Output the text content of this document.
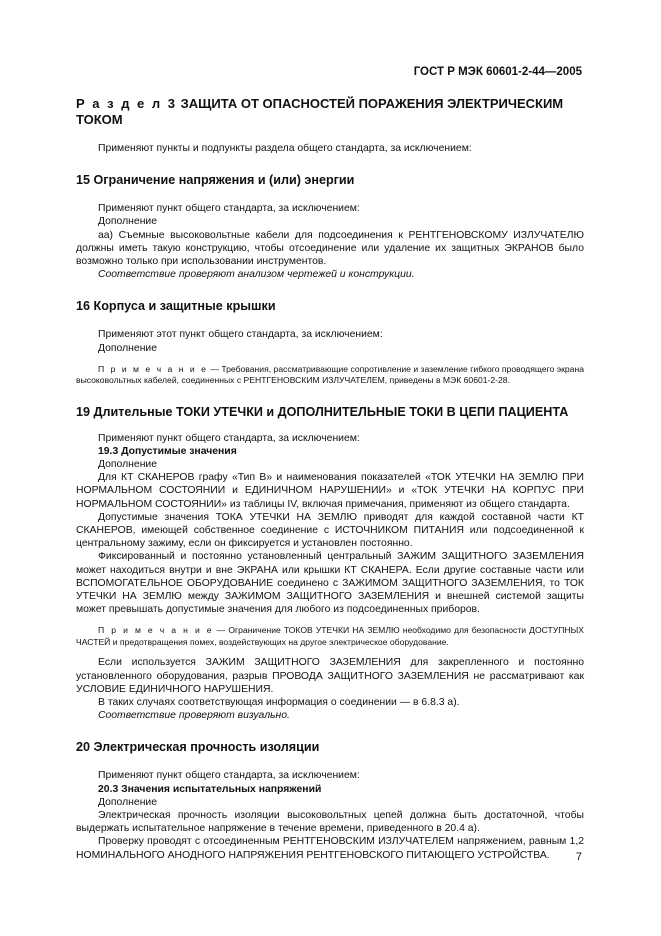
ГОСТ Р МЭК 60601-2-44—2005
Р а з д е л 3 ЗАЩИТА ОТ ОПАСНОСТЕЙ ПОРАЖЕНИЯ ЭЛЕКТРИЧЕСКИМ ТОКОМ

Применяют пункты и подпункты раздела общего стандарта, за исключением:

15 Ограничение напряжения и (или) энергии

Применяют пункт общего стандарта, за исключением:

Дополнение

аа) Съемные высоковольтные кабели для подсоединения к РЕНТГЕНОВСКОМУ ИЗЛУЧАТЕЛЮ должны иметь такую конструкцию, чтобы отсоединение или удаление их защитных ЭКРАНОВ было возможно только при использовании инструментов.

Соответствие проверяют анализом чертежей и конструкции.

16 Корпуса и защитные крышки

Применяют этот пункт общего стандарта, за исключением:

Дополнение

П р и м е ч а н и е — Требования, рассматривающие сопротивление и заземление гибкого проводящего экрана высоковольтных кабелей, соединенных с РЕНТГЕНОВСКИМ ИЗЛУЧАТЕЛЕМ, приведены в МЭК 60601-2-28.

19 Длительные ТОКИ УТЕЧКИ и ДОПОЛНИТЕЛЬНЫЕ ТОКИ В ЦЕПИ ПАЦИЕНТА

Применяют пункт общего стандарта, за исключением:

19.3 Допустимые значения

Дополнение

Для КТ СКАНЕРОВ графу «Тип B» и наименования показателей «ТОК УТЕЧКИ НА ЗЕМЛЮ ПРИ НОРМАЛЬНОМ СОСТОЯНИИ и ЕДИНИЧНОМ НАРУШЕНИИ» и «ТОК УТЕЧКИ НА КОРПУС ПРИ НОРМАЛЬНОМ СОСТОЯНИИ» из таблицы IV, включая примечания, применяют из общего стандарта.

Допустимые значения ТОКА УТЕЧКИ НА ЗЕМЛЮ приводят для каждой составной части КТ СКАНЕРОВ, имеющей собственное соединение с ИСТОЧНИКОМ ПИТАНИЯ или подсоединенной к центральному зажиму, если он фиксируется и установлен постоянно.

Фиксированный и постоянно установленный центральный ЗАЖИМ ЗАЩИТНОГО ЗАЗЕМЛЕНИЯ может находиться внутри и вне ЭКРАНА или крышки КТ СКАНЕРА. Если другие составные части или ВСПОМОГАТЕЛЬНОЕ ОБОРУДОВАНИЕ соединено с ЗАЖИМОМ ЗАЩИТНОГО ЗАЗЕМЛЕНИЯ, то ТОК УТЕЧКИ НА ЗЕМЛЮ между ЗАЖИМОМ ЗАЩИТНОГО ЗАЗЕМЛЕНИЯ и внешней системой защиты может превышать допустимые значения для любого из подсоединенных приборов.

П р и м е ч а н и е — Ограничение ТОКОВ УТЕЧКИ НА ЗЕМЛЮ необходимо для безопасности ДОСТУПНЫХ ЧАСТЕЙ и предотвращения помех, воздействующих на другое электрическое оборудование.

Если используется ЗАЖИМ ЗАЩИТНОГО ЗАЗЕМЛЕНИЯ для закрепленного и постоянно установленного оборудования, разрыв ПРОВОДА ЗАЩИТНОГО ЗАЗЕМЛЕНИЯ не рассматривают как УСЛОВИЕ ЕДИНИЧНОГО НАРУШЕНИЯ.

В таких случаях соответствующая информация о соединении — в 6.8.3 a).

Соответствие проверяют визуально.

20 Электрическая прочность изоляции

Применяют пункт общего стандарта, за исключением:

20.3 Значения испытательных напряжений

Дополнение

Электрическая прочность изоляции высоковольтных цепей должна быть достаточной, чтобы выдержать испытательное напряжение в течение времени, приведенного в 20.4 a).

Проверку проводят с отсоединенным РЕНТГЕНОВСКИМ ИЗЛУЧАТЕЛЕМ напряжением, равным 1,2 НОМИНАЛЬНОГО АНОДНОГО НАПРЯЖЕНИЯ РЕНТГЕНОВСКОГО ПИТАЮЩЕГО УСТРОЙСТВА.	7
